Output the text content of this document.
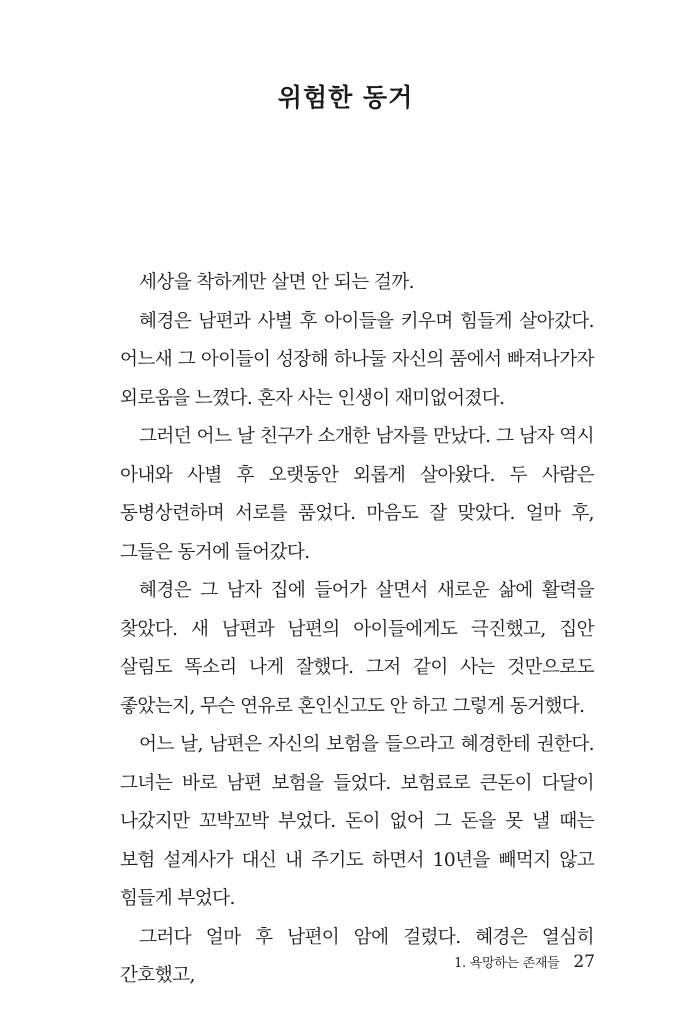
위험한 동거

세상을 착하게만 살면 안 되는 걸까.

혜경은 남편과 사별 후 아이들을 키우며 힘들게 살아갔다. 어느새 그 아이들이 성장해 하나둘 자신의 품에서 빠져나가자 외로움을 느꼈다. 혼자 사는 인생이 재미없어졌다.

그러던 어느 날 친구가 소개한 남자를 만났다. 그 남자 역시 아내와 사별 후 오랫동안 외롭게 살아왔다. 두 사람은 동병상련하며 서로를 품었다. 마음도 잘 맞았다. 얼마 후, 그들은 동거에 들어갔다.

혜경은 그 남자 집에 들어가 살면서 새로운 삶에 활력을 찾았다. 새 남편과 남편의 아이들에게도 극진했고, 집안 살림도 똑소리 나게 잘했다. 그저 같이 사는 것만으로도 좋았는지, 무슨 연유로 혼인신고도 안 하고 그렇게 동거했다.

어느 날, 남편은 자신의 보험을 들으라고 혜경한테 권한다. 그녀는 바로 남편 보험을 들었다. 보험료로 큰돈이 다달이 나갔지만 꼬박꼬박 부었다. 돈이 없어 그 돈을 못 낼 때는 보험 설계사가 대신 내 주기도 하면서 10년을 빼먹지 않고 힘들게 부었다.

그러다 얼마 후 남편이 암에 걸렸다. 혜경은 열심히 간호했고,

1. 욕망하는 존재들 27
